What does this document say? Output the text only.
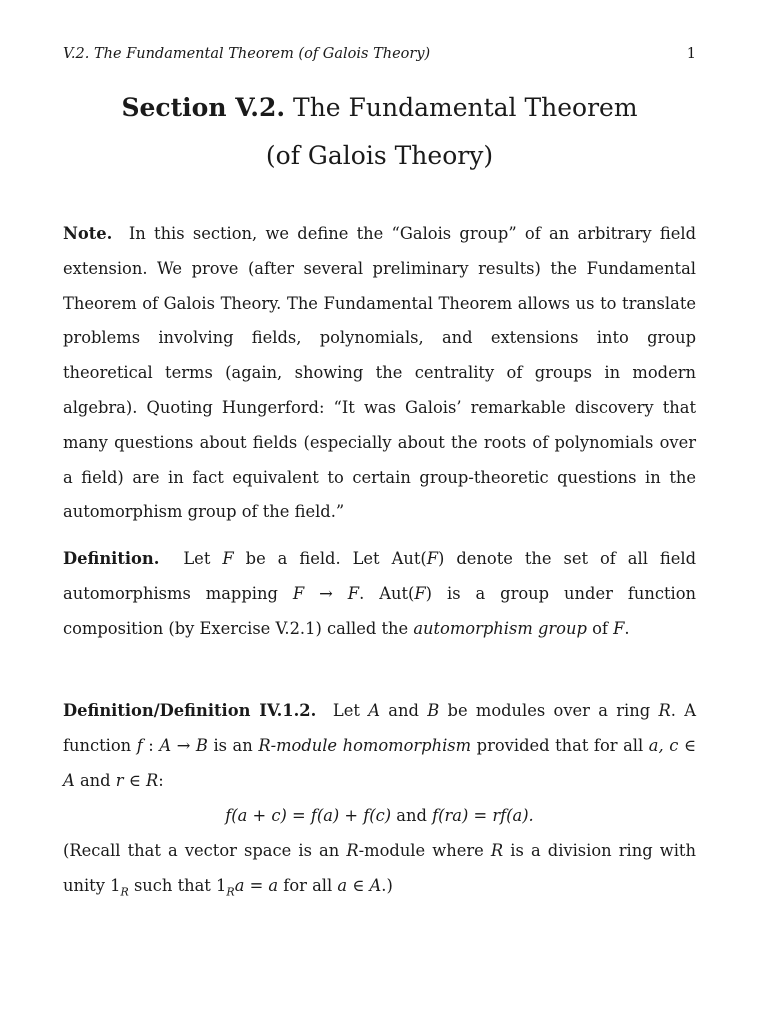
V.2. The Fundamental Theorem (of Galois Theory)	1
Section V.2. The Fundamental Theorem
(of Galois Theory)
Note. In this section, we define the “Galois group” of an arbitrary field extension. We prove (after several preliminary results) the Fundamental Theorem of Galois Theory. The Fundamental Theorem allows us to translate problems involving fields, polynomials, and extensions into group theoretical terms (again, showing the centrality of groups in modern algebra). Quoting Hungerford: “It was Galois’ remarkable discovery that many questions about fields (especially about the roots of polynomials over a field) are in fact equivalent to certain group-theoretic questions in the automorphism group of the field.”
Definition. Let F be a field. Let Aut(F) denote the set of all field automorphisms mapping F → F. Aut(F) is a group under function composition (by Exercise V.2.1) called the automorphism group of F.
Definition/Definition IV.1.2. Let A and B be modules over a ring R. A function f : A → B is an R-module homomorphism provided that for all a, c ∈ A and r ∈ R:
f(a + c) = f(a) + f(c) and f(ra) = rf(a).
(Recall that a vector space is an R-module where R is a division ring with unity $1_R$ such that $1_Ra = a$ for all a ∈ A.)
